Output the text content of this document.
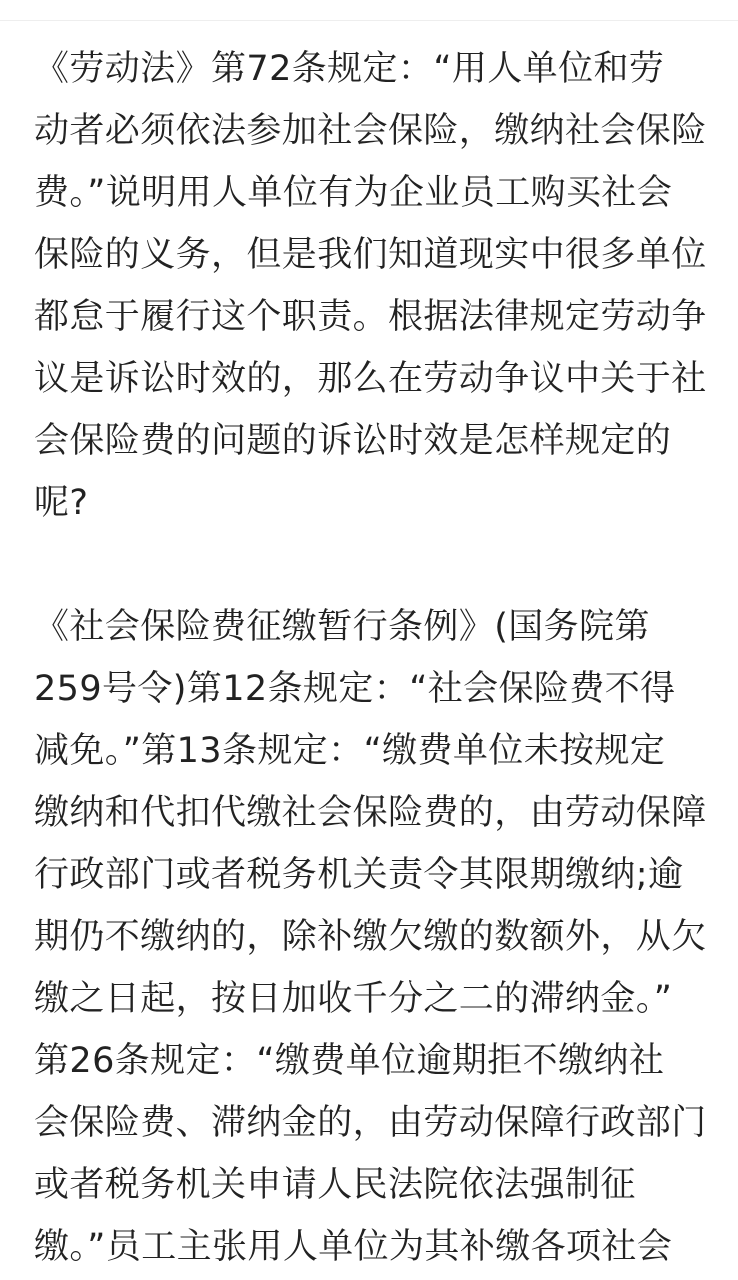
《劳动法》第72条规定：“用人单位和劳
动者必须依法参加社会保险，缴纳社会保险
费。”说明用人单位有为企业员工购买社会
保险的义务，但是我们知道现实中很多单位
都怠于履行这个职责。根据法律规定劳动争
议是诉讼时效的，那么在劳动争议中关于社
会保险费的问题的诉讼时效是怎样规定的
呢?
《社会保险费征缴暂行条例》(国务院第
259号令)第12条规定：“社会保险费不得
减免。”第13条规定：“缴费单位未按规定
缴纳和代扣代缴社会保险费的，由劳动保障
行政部门或者税务机关责令其限期缴纳;逾
期仍不缴纳的，除补缴欠缴的数额外，从欠
缴之日起，按日加收千分之二的滞纳金。”
第26条规定：“缴费单位逾期拒不缴纳社
会保险费、滞纳金的，由劳动保障行政部门
或者税务机关申请人民法院依法强制征
缴。”员工主张用人单位为其补缴各项社会
